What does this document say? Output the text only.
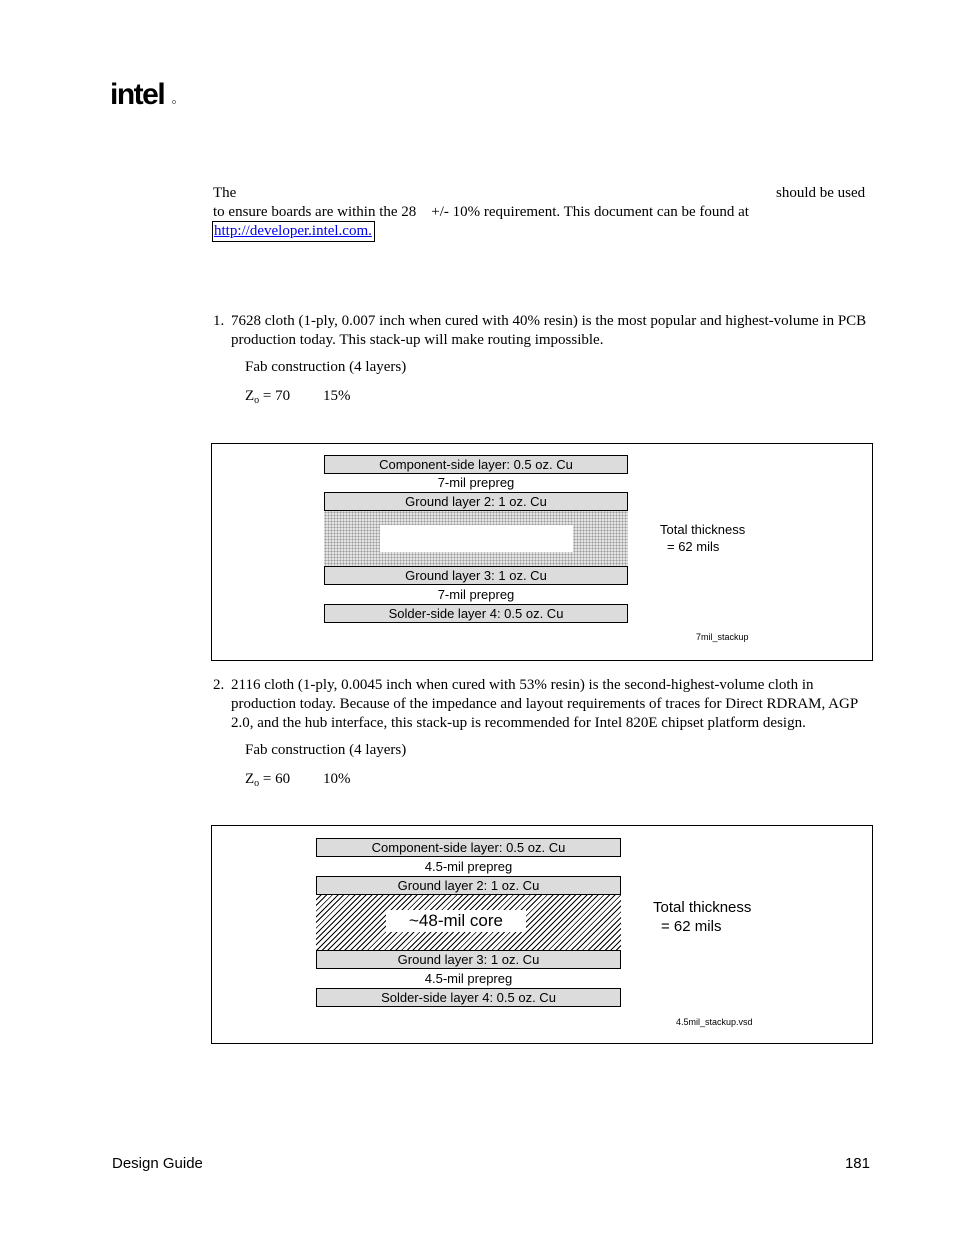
intel
The	should be used
to ensure boards are within the 28    +/- 10% requirement. This document can be found at
http://developer.intel.com.
1. 7628 cloth (1-ply, 0.007 inch when cured with 40% resin) is the most popular and highest-volume in PCB production today. This stack-up will make routing impossible.
Fab construction (4 layers)
$Z_o = 70$ 15%
Component-side layer: 0.5 oz. Cu
7-mil prepreg
Ground layer 2: 1 oz. Cu
Ground layer 3: 1 oz. Cu
7-mil prepreg
Solder-side layer 4: 0.5 oz. Cu
Total thickness
= 62 mils
7mil_stackup
2. 2116 cloth (1-ply, 0.0045 inch when cured with 53% resin) is the second-highest-volume cloth in production today. Because of the impedance and layout requirements of traces for Direct RDRAM, AGP 2.0, and the hub interface, this stack-up is recommended for Intel 820E chipset platform design.
Fab construction (4 layers)
$Z_o = 60$ 10%
Component-side layer: 0.5 oz. Cu
4.5-mil prepreg
Ground layer 2: 1 oz. Cu
~48-mil core
Ground layer 3: 1 oz. Cu
4.5-mil prepreg
Solder-side layer 4: 0.5 oz. Cu
Total thickness
= 62 mils
4.5mil_stackup.vsd
Design Guide	181
